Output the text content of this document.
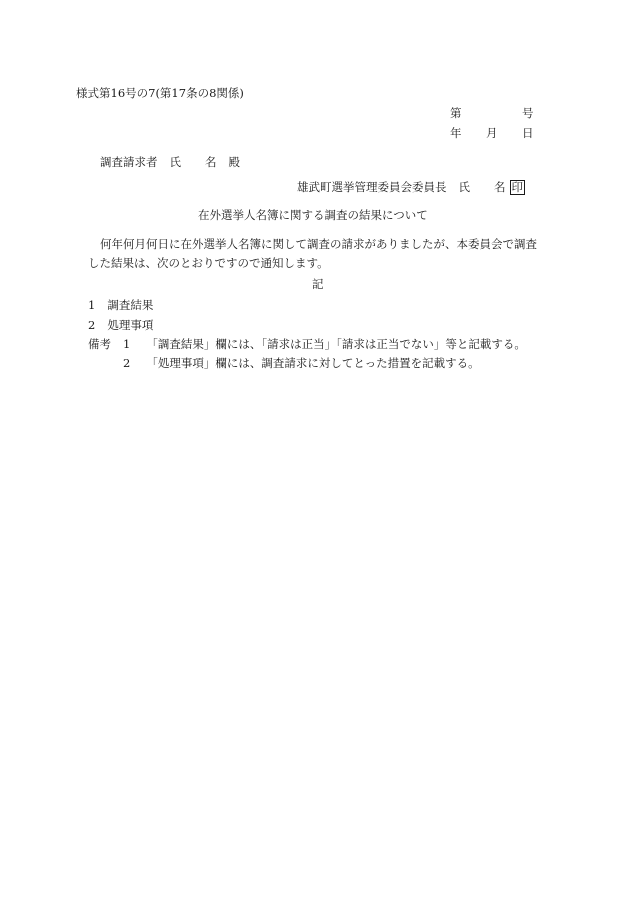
様式第16号の7(第17条の8関係)
第	号
年 月 日
調査請求者 氏 名 殿
雄武町選挙管理委員会委員長 氏 名 印
在外選挙人名簿に関する調査の結果について
何年何月何日に在外選挙人名簿に関して調査の請求がありましたが、本委員会で調査
した結果は、次のとおりですので通知します。
記
1 調査結果
2 処理事項
備考 1 「調査結果」欄には、「請求は正当」「請求は正当でない」等と記載する。
2 「処理事項」欄には、調査請求に対してとった措置を記載する。
